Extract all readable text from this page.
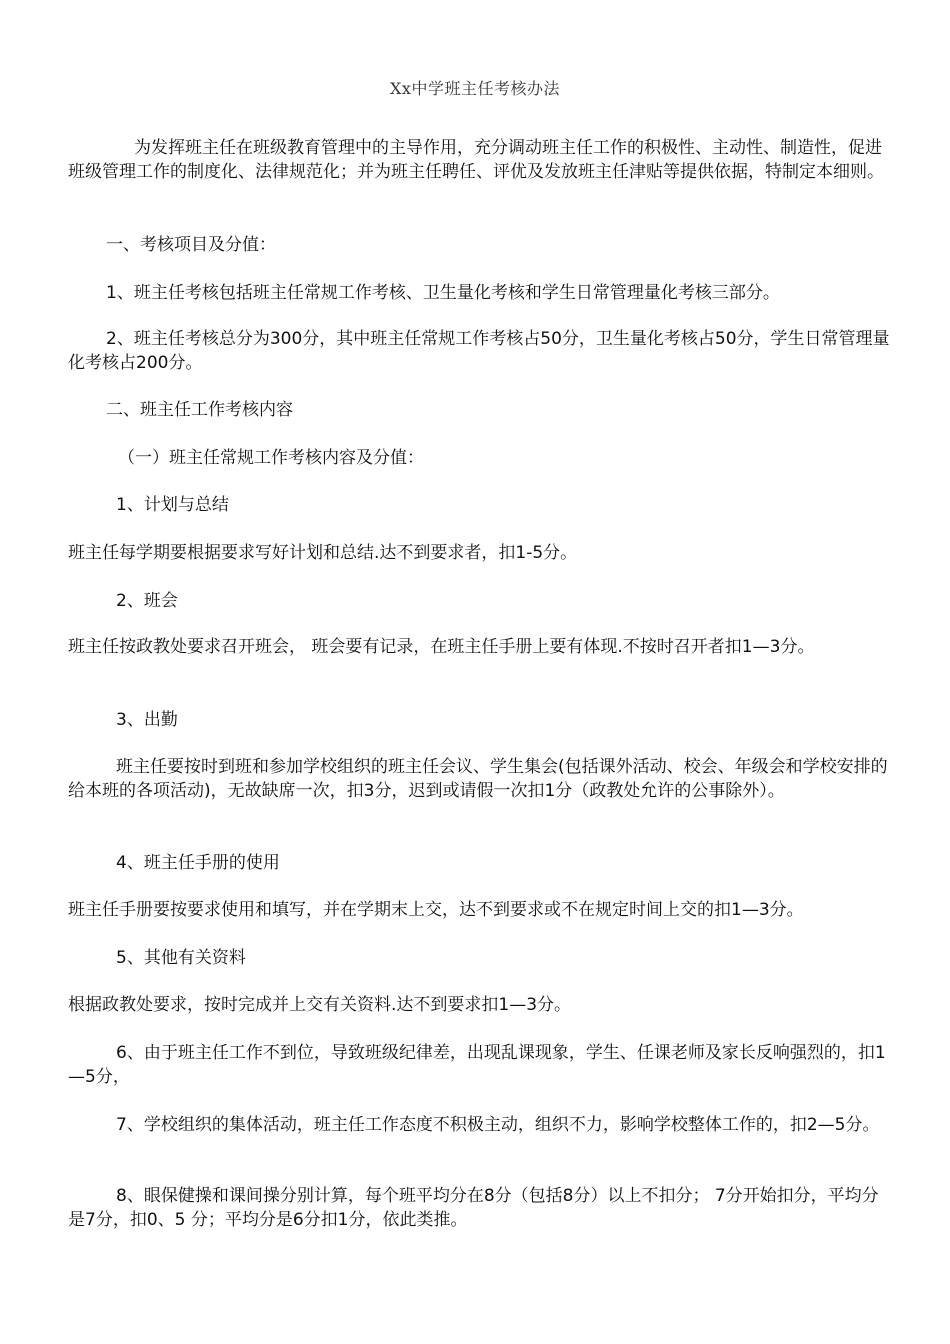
Xx中学班主任考核办法

为发挥班主任在班级教育管理中的主导作用，充分调动班主任工作的积极性、主动性、制造性，促进班级管理工作的制度化、法律规范化；并为班主任聘任、评优及发放班主任津贴等提供依据，特制定本细则。

一、考核项目及分值：

1、班主任考核包括班主任常规工作考核、卫生量化考核和学生日常管理量化考核三部分。

2、班主任考核总分为300分，其中班主任常规工作考核占50分，卫生量化考核占50分，学生日常管理量化考核占200分。

二、班主任工作考核内容

（一）班主任常规工作考核内容及分值：

1、计划与总结

班主任每学期要根据要求写好计划和总结.达不到要求者，扣1-5分。

2、班会

班主任按政教处要求召开班会， 班会要有记录，在班主任手册上要有体现.不按时召开者扣1—3分。

3、出勤

班主任要按时到班和参加学校组织的班主任会议、学生集会(包括课外活动、校会、年级会和学校安排的给本班的各项活动)，无故缺席一次，扣3分，迟到或请假一次扣1分（政教处允许的公事除外）。

4、班主任手册的使用

班主任手册要按要求使用和填写，并在学期末上交，达不到要求或不在规定时间上交的扣1—3分。

5、其他有关资料

根据政教处要求，按时完成并上交有关资料.达不到要求扣1—3分。

6、由于班主任工作不到位，导致班级纪律差，出现乱课现象，学生、任课老师及家长反响强烈的，扣1—5分，

7、学校组织的集体活动，班主任工作态度不积极主动，组织不力，影响学校整体工作的，扣2—5分。

8、眼保健操和课间操分别计算，每个班平均分在8分（包括8分）以上不扣分； 7分开始扣分，平均分是7分，扣0、5 分；平均分是6分扣1分，依此类推。
